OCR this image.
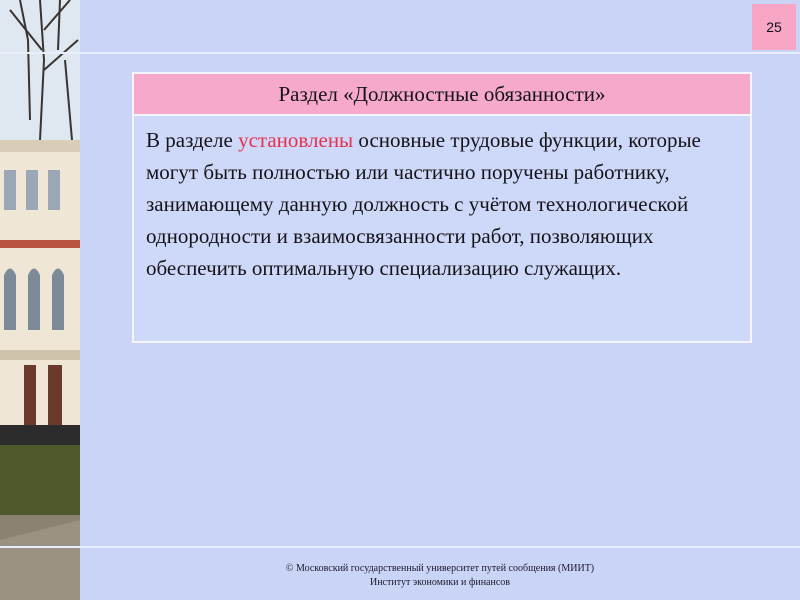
25
Раздел «Должностные обязанности»
В разделе установлены основные трудовые функции, которые могут быть полностью или частично поручены работнику, занимающему данную должность с учётом технологической однородности и взаимосвязанности работ, позволяющих обеспечить оптимальную специализацию служащих.
© Московский государственный университет путей сообщения (МИИТ)
Институт экономики и финансов
